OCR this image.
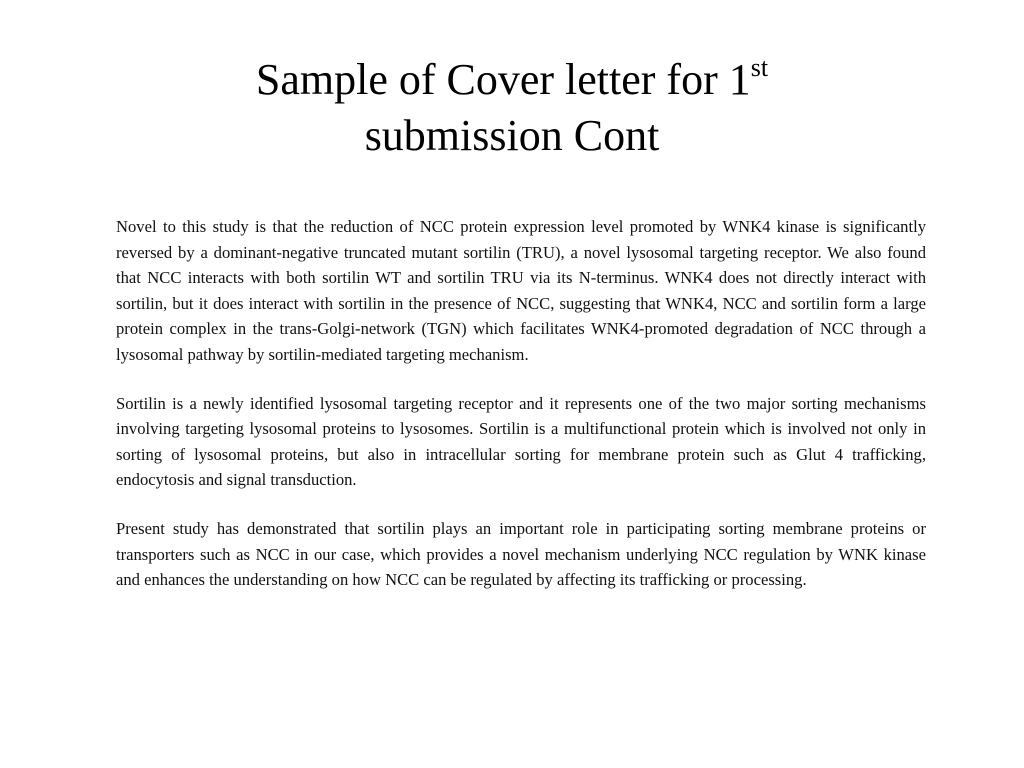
Sample of Cover letter for 1st
submission Cont

Novel to this study is that the reduction of NCC protein expression level promoted by WNK4 kinase is significantly reversed by a dominant-negative truncated mutant sortilin (TRU), a novel lysosomal targeting receptor. We also found that NCC interacts with both sortilin WT and sortilin TRU via its N-terminus. WNK4 does not directly interact with sortilin, but it does interact with sortilin in the presence of NCC, suggesting that WNK4, NCC and sortilin form a large protein complex in the trans-Golgi-network (TGN) which facilitates WNK4-promoted degradation of NCC through a lysosomal pathway by sortilin-mediated targeting mechanism.

Sortilin is a newly identified lysosomal targeting receptor and it represents one of the two major sorting mechanisms involving targeting lysosomal proteins to lysosomes. Sortilin is a multifunctional protein which is involved not only in sorting of lysosomal proteins, but also in intracellular sorting for membrane protein such as Glut 4 trafficking, endocytosis and signal transduction.

Present study has demonstrated that sortilin plays an important role in participating sorting membrane proteins or transporters such as NCC in our case, which provides a novel mechanism underlying NCC regulation by WNK kinase and enhances the understanding on how NCC can be regulated by affecting its trafficking or processing.
